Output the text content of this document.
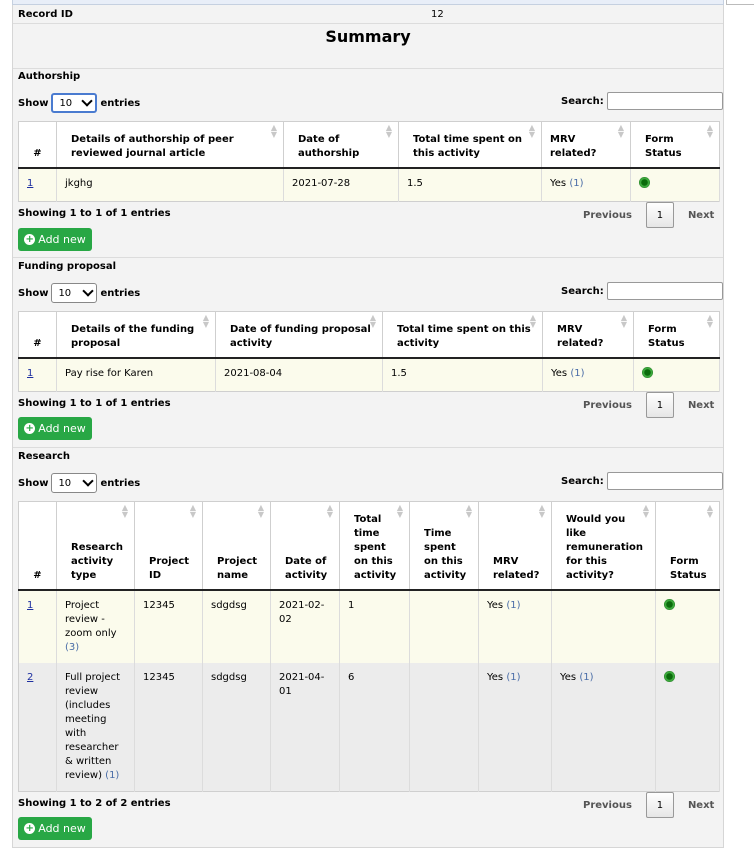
Record ID	12
Summary
Authorship
Show 10	entries	Search:
#	Details of authorship of peer reviewed journal article
▲
▼	Date of authorship
▲
▼	Total time spent on this activity
▲
▼	MRV related?
▲
▼	Form Status
▲
▼

1	jkghg	2021-07-28	1.5	Yes (1)	
Showing 1 to 1 of 1 entries	Previous	1	Next
+ Add new
Funding proposal
Show 10	entries	Search:
#	Details of the funding proposal
▲
▼	Date of funding proposal activity
▲
▼	Total time spent on this activity
▲
▼	MRV related?
▲
▼	Form Status
▲
▼

1	Pay rise for Karen	2021-08-04	1.5	Yes (1)	
Showing 1 to 1 of 1 entries	Previous	1	Next
+ Add new
Research
Show 10	entries	Search:
#	Research activity type
▲
▼	Project ID
▲
▼	Project name
▲
▼	Date of activity
▲
▼	Total time spent on this activity
▲
▼	Time spent on this activity
▲
▼	MRV related?
▲
▼	Would you like remuneration for this activity?
▲
▼	Form Status
▲
▼

1	Project review - zoom only (3)	12345	sdgdsg	2021-02-02	1		Yes (1)		
2	Full project review (includes meeting with researcher & written review) (1)	12345	sdgdsg	2021-04-01	6		Yes (1)	Yes (1)	
Showing 1 to 2 of 2 entries	Previous	1	Next
+ Add new
